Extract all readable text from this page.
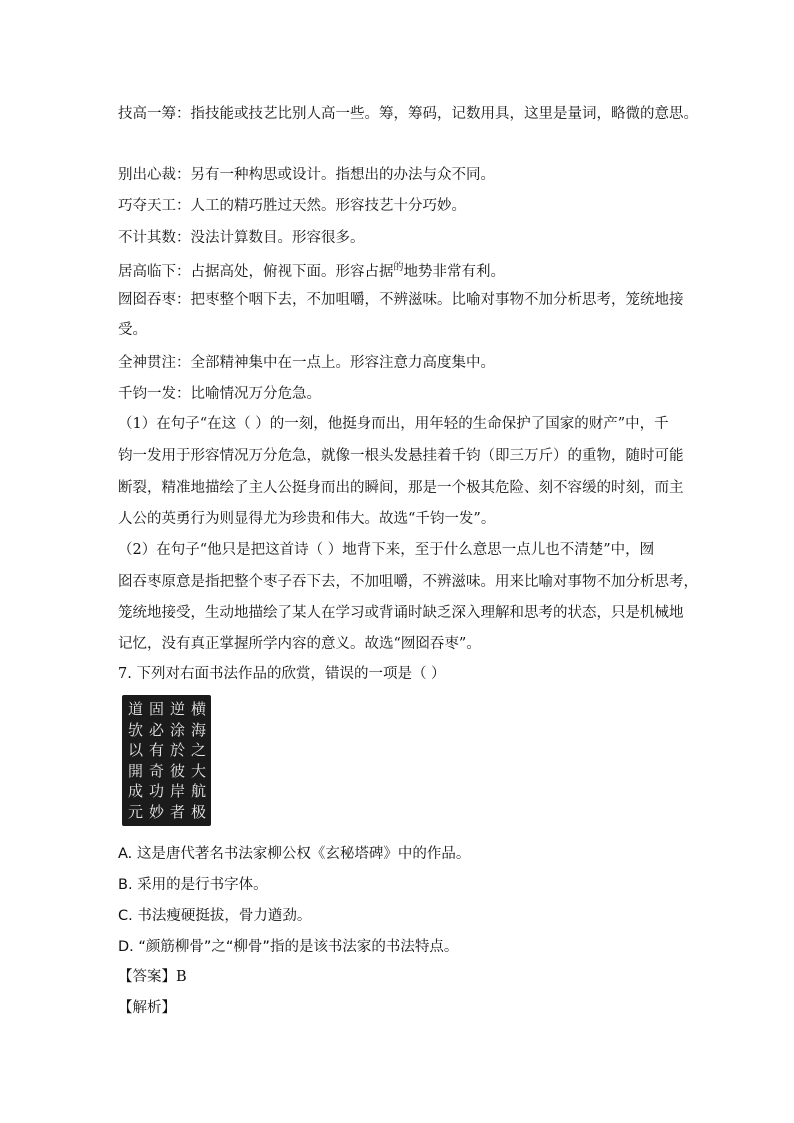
技高一筹：指技能或技艺比别人高一些。筹，筹码，记数用具，这里是量词，略微的意思。
别出心裁：另有一种构思或设计。指想出的办法与众不同。
巧夺天工：人工的精巧胜过天然。形容技艺十分巧妙。
不计其数：没法计算数目。形容很多。
居高临下：占据高处，俯视下面。形容占据$^的$地势非常有利。
囫囵吞枣：把枣整个咽下去，不加咀嚼，不辨滋味。比喻对事物不加分析思考，笼统地接
受。
全神贯注：全部精神集中在一点上。形容注意力高度集中。
千钧一发：比喻情况万分危急。
（1）在句子“在这（ ）的一刻，他挺身而出，用年轻的生命保护了国家的财产”中，千
钧一发用于形容情况万分危急，就像一根头发悬挂着千钧（即三万斤）的重物，随时可能
断裂，精准地描绘了主人公挺身而出的瞬间，那是一个极其危险、刻不容缓的时刻，而主
人公的英勇行为则显得尤为珍贵和伟大。故选“千钧一发”。
（2）在句子“他只是把这首诗（ ）地背下来，至于什么意思一点儿也不清楚”中，囫
囵吞枣原意是指把整个枣子吞下去，不加咀嚼，不辨滋味。用来比喻对事物不加分析思考，
笼统地接受，生动地描绘了某人在学习或背诵时缺乏深入理解和思考的状态，只是机械地
记忆，没有真正掌握所学内容的意义。故选“囫囵吞枣”。
7. 下列对右面书法作品的欣赏，错误的一项是（ ）
A. 这是唐代著名书法家柳公权《玄秘塔碑》中的作品。
B. 采用的是行书字体。
C. 书法瘦硬挺拔，骨力遒劲。
D. “颜筋柳骨”之“柳骨”指的是该书法家的书法特点。
【答案】B
【解析】
横
海
之
大
航
极
逆
涂
於
彼
岸
者
固
必
有
奇
功
妙
道
欤
以
開
成
元
